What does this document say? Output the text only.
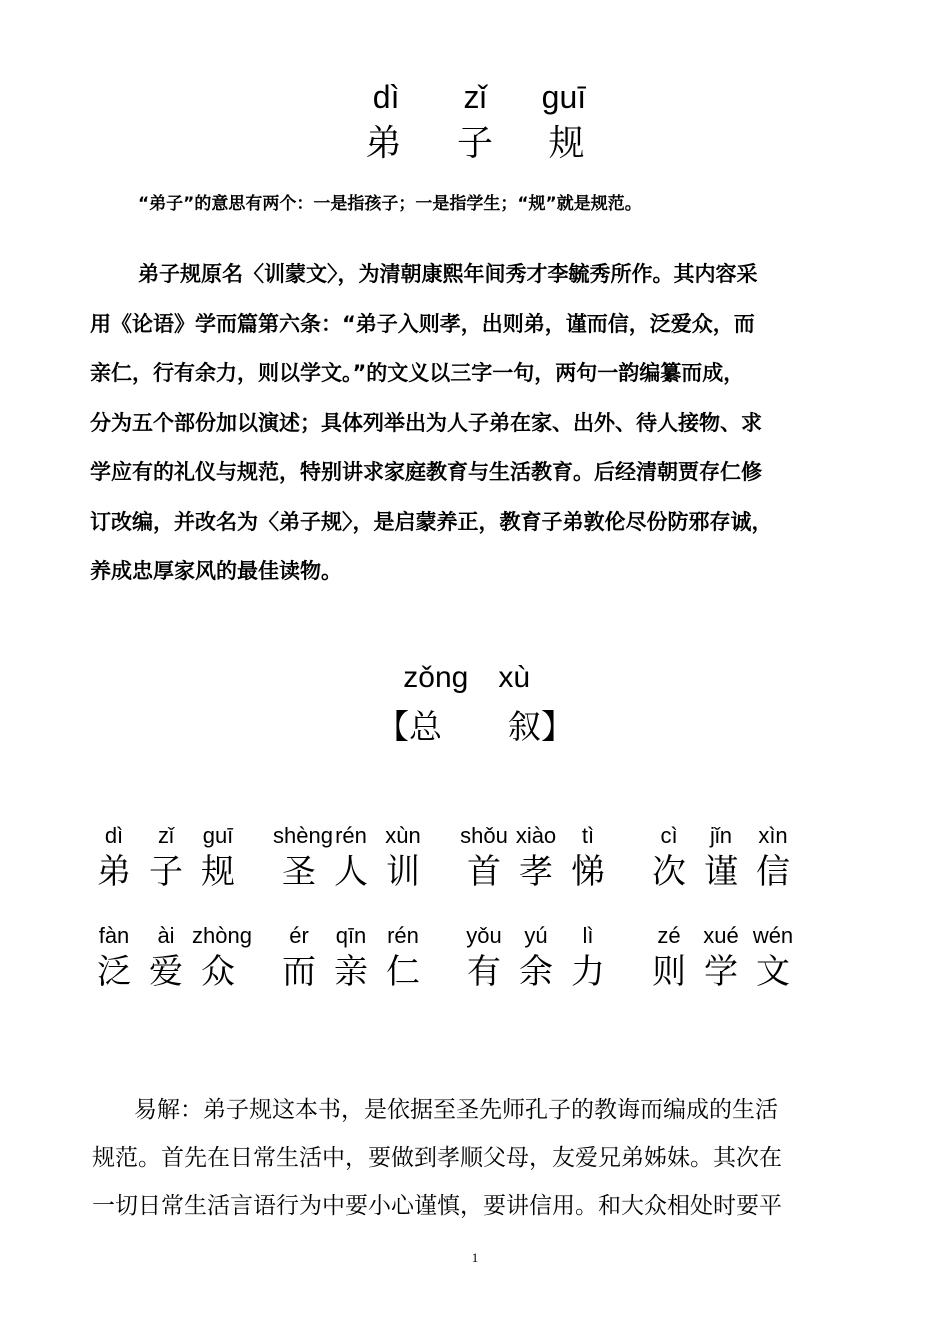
dì zǐ guī
弟 子 规
“弟子”的意思有两个：一是指孩子；一是指学生；“规”就是规范。
弟子规原名〈训蒙文〉，为清朝康熙年间秀才李毓秀所作。其内容采
用《论语》学而篇第六条：“弟子入则孝，出则弟，谨而信，泛爱众，而
亲仁，行有余力，则以学文。”的文义以三字一句，两句一韵编纂而成，
分为五个部份加以演述；具体列举出为人子弟在家、出外、待人接物、求
学应有的礼仪与规范，特别讲求家庭教育与生活教育。后经清朝贾存仁修
订改编，并改名为〈弟子规〉，是启蒙养正，教育子弟敦伦尽份防邪存诚，
养成忠厚家风的最佳读物。
zǒng xù
【总　　叙】
dì	zǐ	guī	shèng rén xùn	shǒu xiào	tì	cì	jǐn	xìn
弟 子 规 圣 人 训 首 孝 悌 次 谨 信
fàn	ài zhòng	ér	qīn rén	yǒu	yú	lì	zé	xué wén
泛 爱 众 而 亲 仁 有 余 力 则 学 文
易解：弟子规这本书，是依据至圣先师孔子的教诲而编成的生活
规范。首先在日常生活中，要做到孝顺父母，友爱兄弟姊妹。其次在
一切日常生活言语行为中要小心谨慎，要讲信用。和大众相处时要平
1
